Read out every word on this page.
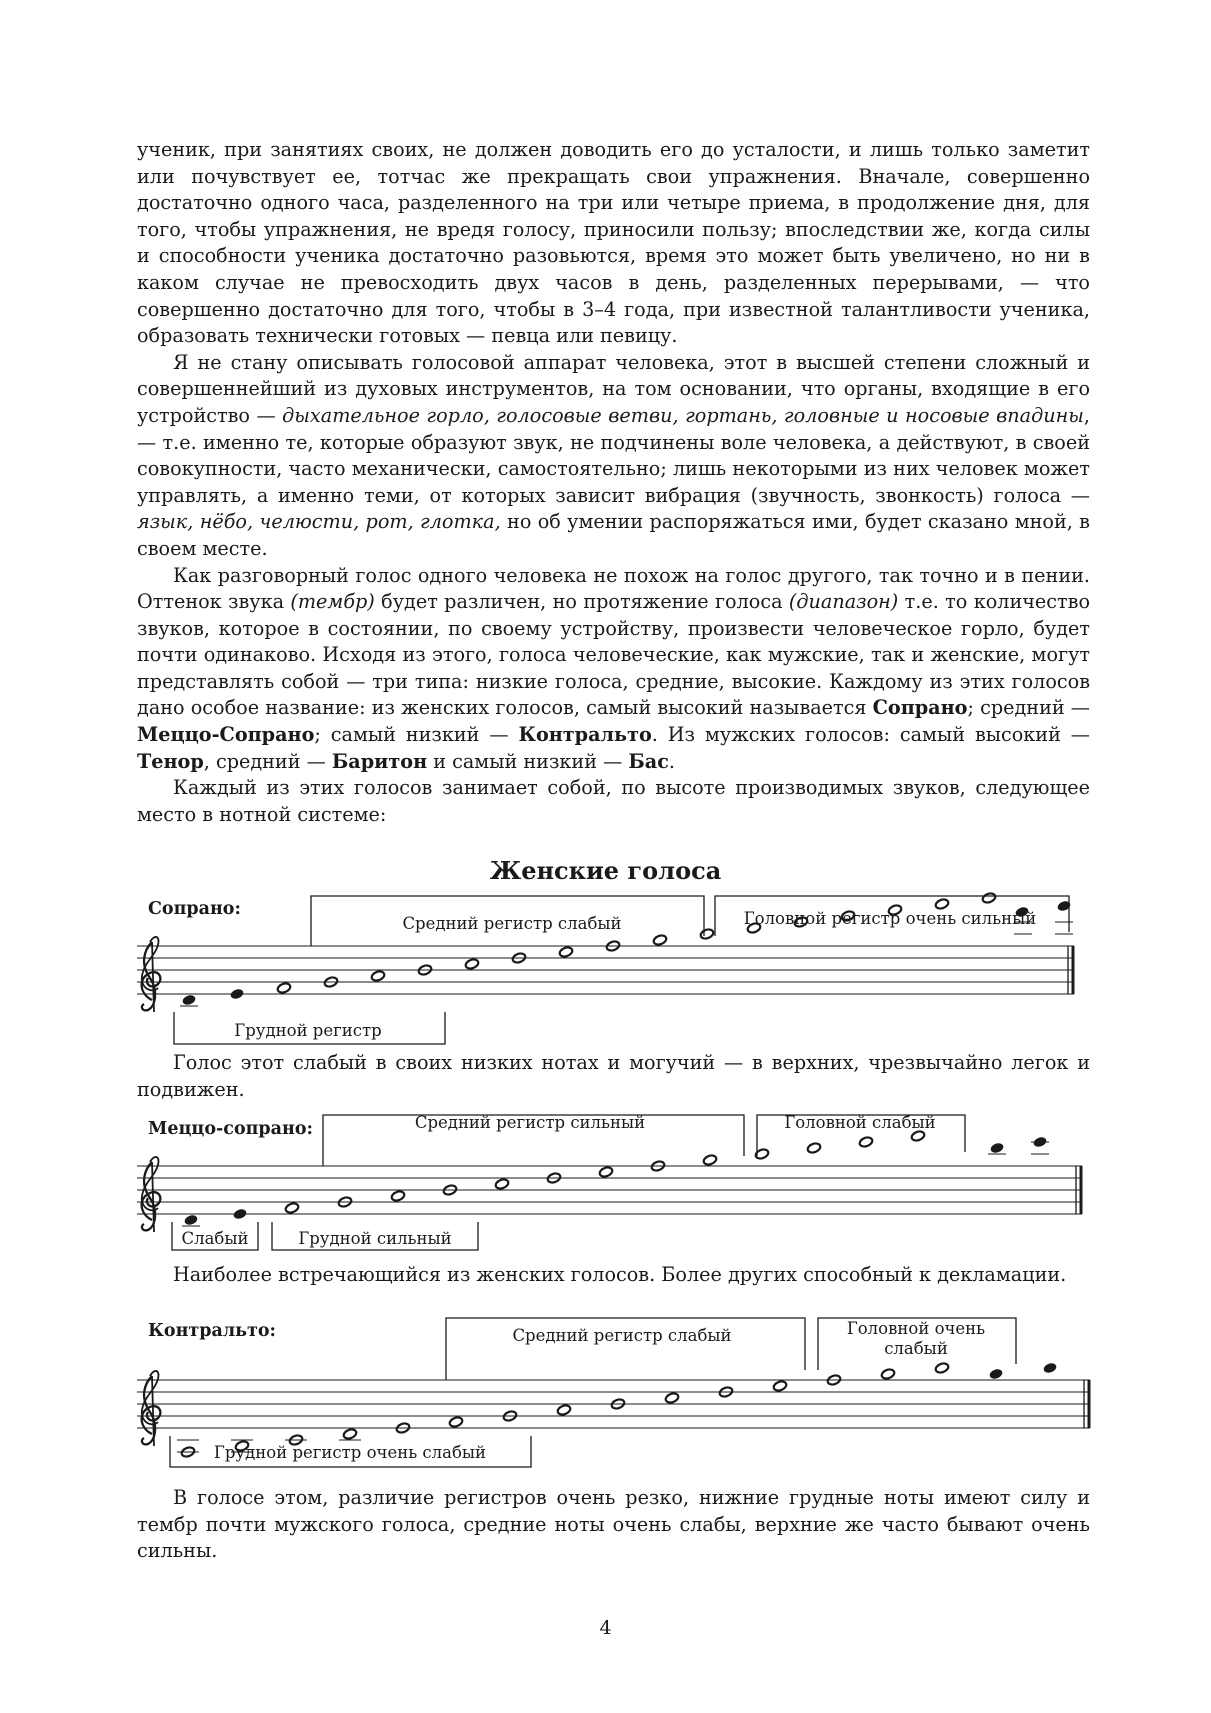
ученик, при занятиях своих, не должен доводить его до усталости, и лишь только заметит или почувствует ее, тотчас же прекращать свои упражнения. Вначале, совершенно достаточно одного часа, разделенного на три или четыре приема, в продолжение дня, для того, чтобы упражнения, не вредя голосу, приносили пользу; впоследствии же, когда силы и способности ученика достаточно разовьются, время это может быть увеличено, но ни в каком случае не превосходить двух часов в день, разделенных перерывами, — что совершенно достаточно для того, чтобы в 3–4 года, при известной талантливости ученика, образовать технически готовых — певца или певицу.

Я не стану описывать голосовой аппарат человека, этот в высшей степени сложный и совершеннейший из духовых инструментов, на том основании, что органы, входящие в его устройство — дыхательное горло, голосовые ветви, гортань, головные и носовые впадины, — т.е. именно те, которые образуют звук, не подчинены воле человека, а действуют, в своей совокупности, часто механически, самостоятельно; лишь некоторыми из них человек может управлять, а именно теми, от которых зависит вибрация (звучность, звонкость) голоса — язык, нёбо, челюсти, рот, глотка, но об умении распоряжаться ими, будет сказано мной, в своем месте.

Как разговорный голос одного человека не похож на голос другого, так точно и в пении. Оттенок звука (тембр) будет различен, но протяжение голоса (диапазон) т.е. то количество звуков, которое в состоянии, по своему устройству, произвести человеческое горло, будет почти одинаково. Исходя из этого, голоса человеческие, как мужские, так и женские, могут представлять собой — три типа: низкие голоса, средние, высокие. Каждому из этих голосов дано особое название: из женских голосов, самый высокий называется Сопрано; средний — Меццо-Сопрано; самый низкий — Контральто. Из мужских голосов: самый высокий — Тенор, средний — Баритон и самый низкий — Бас.

Каждый из этих голосов занимает собой, по высоте производимых звуков, следующее место в нотной системе:

Женские голоса
Сопрано:
Средний регистр слабый	Головной регистр очень сильный
Грудной регистр
Меццо-сопрано:	Средний регистр сильный	Головной слабый
Слабый	Грудной сильный
Контральто:	Средний регистр слабый	Головной очень
слабый
Грудной регистр очень слабый

Голос этот слабый в своих низких нотах и могучий — в верхних, чрезвычайно легок и подвижен.

Наиболее встречающийся из женских голосов. Более других способный к декламации.

В голосе этом, различие регистров очень резко, нижние грудные ноты имеют силу и тембр почти мужского голоса, средние ноты очень слабы, верхние же часто бывают очень сильны.

4
